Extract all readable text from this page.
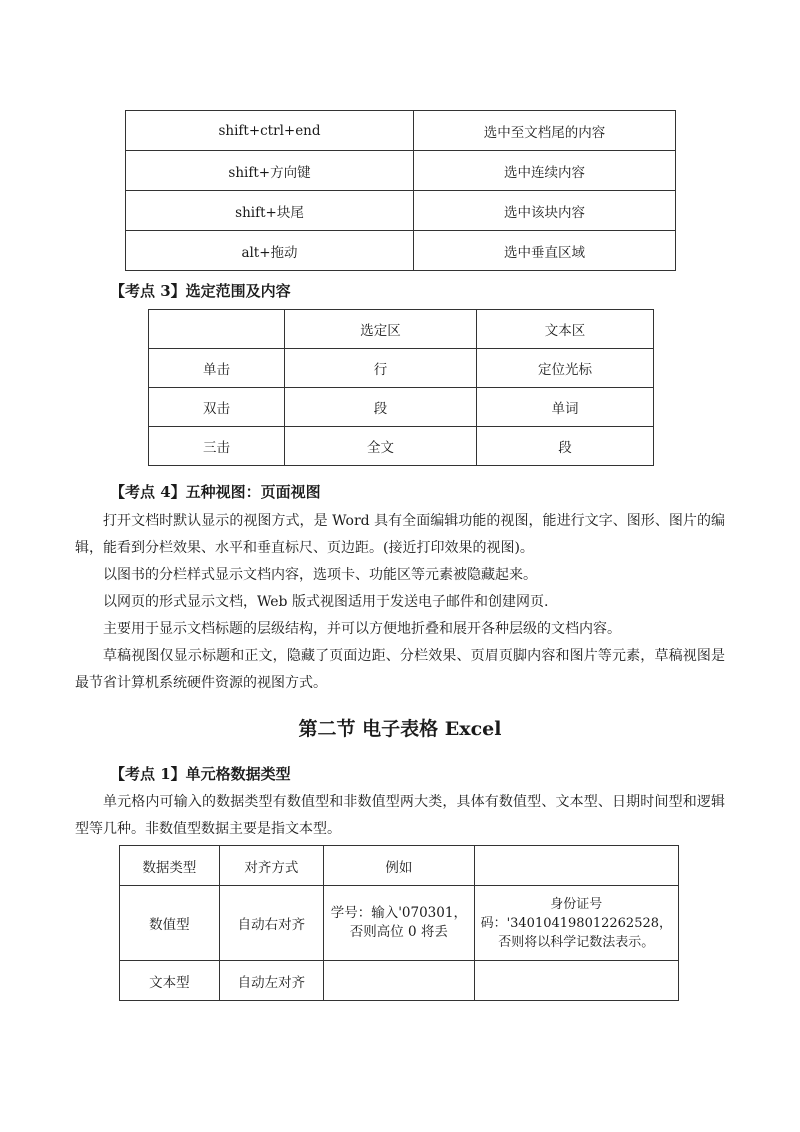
shift+ctrl+end	选中至文档尾的内容
shift+方向键	选中连续内容
shift+块尾	选中该块内容
alt+拖动	选中垂直区域

【考点 3】选定范围及内容

	选定区	文本区
单击	行	定位光标
双击	段	单词
三击	全文	段

【考点 4】五种视图：页面视图

打开文档时默认显示的视图方式，是 Word 具有全面编辑功能的视图，能进行文字、图形、图片的编辑，能看到分栏效果、水平和垂直标尺、页边距。(接近打印效果的视图)。

以图书的分栏样式显示文档内容，选项卡、功能区等元素被隐藏起来。

以网页的形式显示文档，Web 版式视图适用于发送电子邮件和创建网页.

主要用于显示文档标题的层级结构，并可以方便地折叠和展开各种层级的文档内容。

草稿视图仅显示标题和正文，隐藏了页面边距、分栏效果、页眉页脚内容和图片等元素，草稿视图是最节省计算机系统硬件资源的视图方式。

第二节 电子表格 Excel

【考点 1】单元格数据类型

单元格内可输入的数据类型有数值型和非数值型两大类，具体有数值型、文本型、日期时间型和逻辑型等几种。非数值型数据主要是指文本型。

数据类型	对齐方式	例如	
数值型	自动右对齐	学号：输入'070301，否则高位 0 将丢	身份证号码：'340104198012262528，否则将以科学记数法表示。
文本型	自动左对齐		
